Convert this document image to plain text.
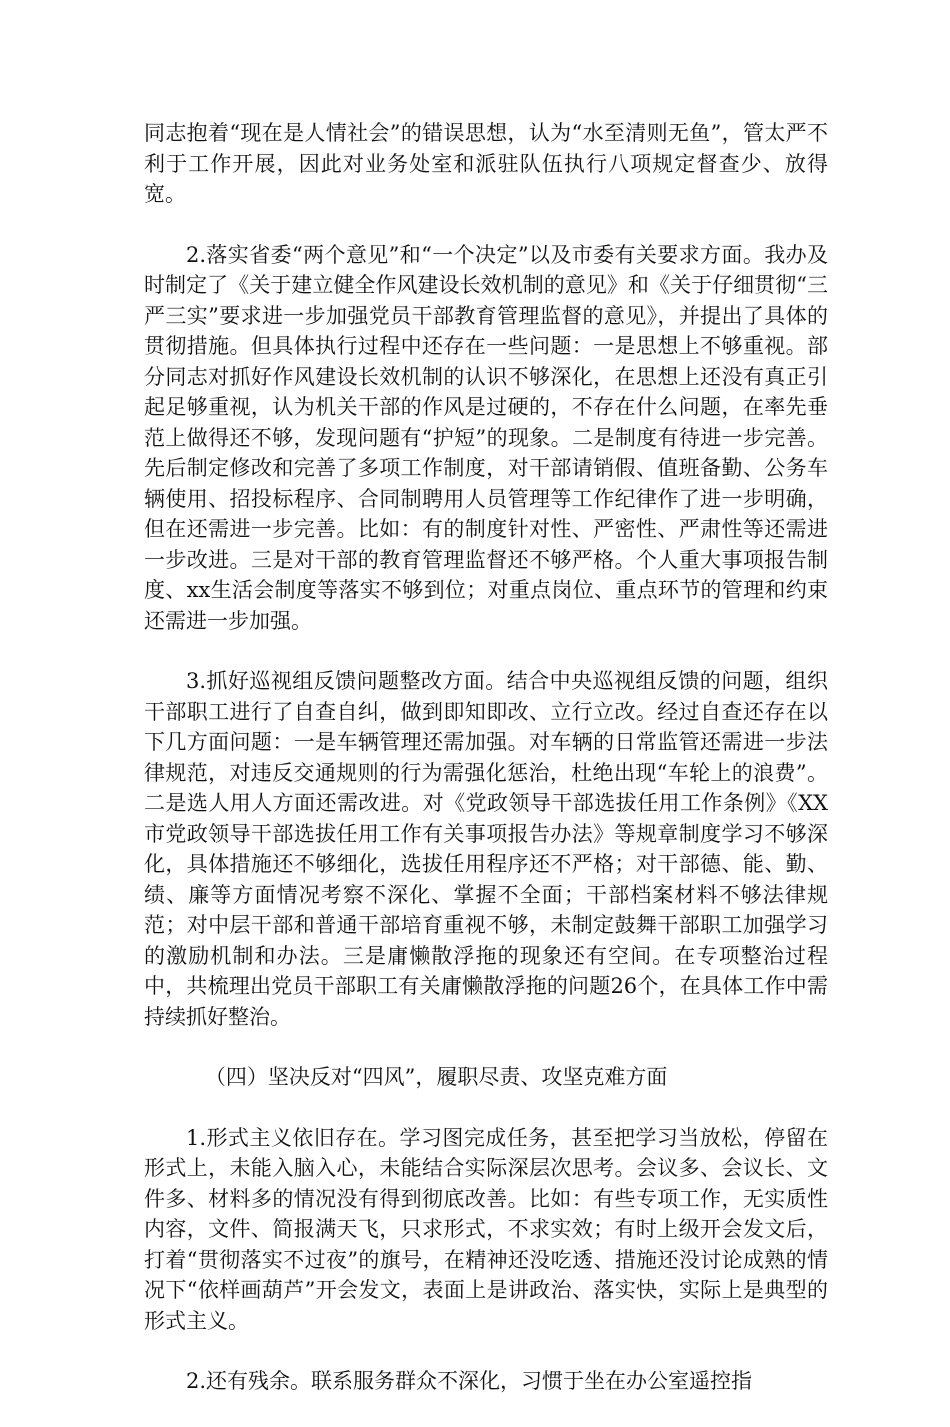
同志抱着“现在是人情社会”的错误思想，认为“水至清则无鱼”，管太严不利于工作开展，因此对业务处室和派驻队伍执行八项规定督查少、放得宽。

2.落实省委“两个意见”和“一个决定”以及市委有关要求方面。我办及时制定了《关于建立健全作风建设长效机制的意见》和《关于仔细贯彻“三严三实”要求进一步加强党员干部教育管理监督的意见》，并提出了具体的贯彻措施。但具体执行过程中还存在一些问题：一是思想上不够重视。部分同志对抓好作风建设长效机制的认识不够深化，在思想上还没有真正引起足够重视，认为机关干部的作风是过硬的，不存在什么问题，在率先垂范上做得还不够，发现问题有“护短”的现象。二是制度有待进一步完善。先后制定修改和完善了多项工作制度，对干部请销假、值班备勤、公务车辆使用、招投标程序、合同制聘用人员管理等工作纪律作了进一步明确，但在还需进一步完善。比如：有的制度针对性、严密性、严肃性等还需进一步改进。三是对干部的教育管理监督还不够严格。个人重大事项报告制度、xx生活会制度等落实不够到位；对重点岗位、重点环节的管理和约束还需进一步加强。

3.抓好巡视组反馈问题整改方面。结合中央巡视组反馈的问题，组织干部职工进行了自查自纠，做到即知即改、立行立改。经过自查还存在以下几方面问题：一是车辆管理还需加强。对车辆的日常监管还需进一步法律规范，对违反交通规则的行为需强化惩治，杜绝出现“车轮上的浪费”。二是选人用人方面还需改进。对《党政领导干部选拔任用工作条例》《XX市党政领导干部选拔任用工作有关事项报告办法》等规章制度学习不够深化，具体措施还不够细化，选拔任用程序还不严格；对干部德、能、勤、绩、廉等方面情况考察不深化、掌握不全面；干部档案材料不够法律规范；对中层干部和普通干部培育重视不够，未制定鼓舞干部职工加强学习的激励机制和办法。三是庸懒散浮拖的现象还有空间。在专项整治过程中，共梳理出党员干部职工有关庸懒散浮拖的问题26个，在具体工作中需持续抓好整治。

（四）坚决反对“四风”，履职尽责、攻坚克难方面

1.形式主义依旧存在。学习图完成任务，甚至把学习当放松，停留在形式上，未能入脑入心，未能结合实际深层次思考。会议多、会议长、文件多、材料多的情况没有得到彻底改善。比如：有些专项工作，无实质性内容，文件、简报满天飞，只求形式，不求实效；有时上级开会发文后，打着“贯彻落实不过夜”的旗号，在精神还没吃透、措施还没讨论成熟的情况下“依样画葫芦”开会发文，表面上是讲政治、落实快，实际上是典型的形式主义。

2.还有残余。联系服务群众不深化，习惯于坐在办公室遥控指
